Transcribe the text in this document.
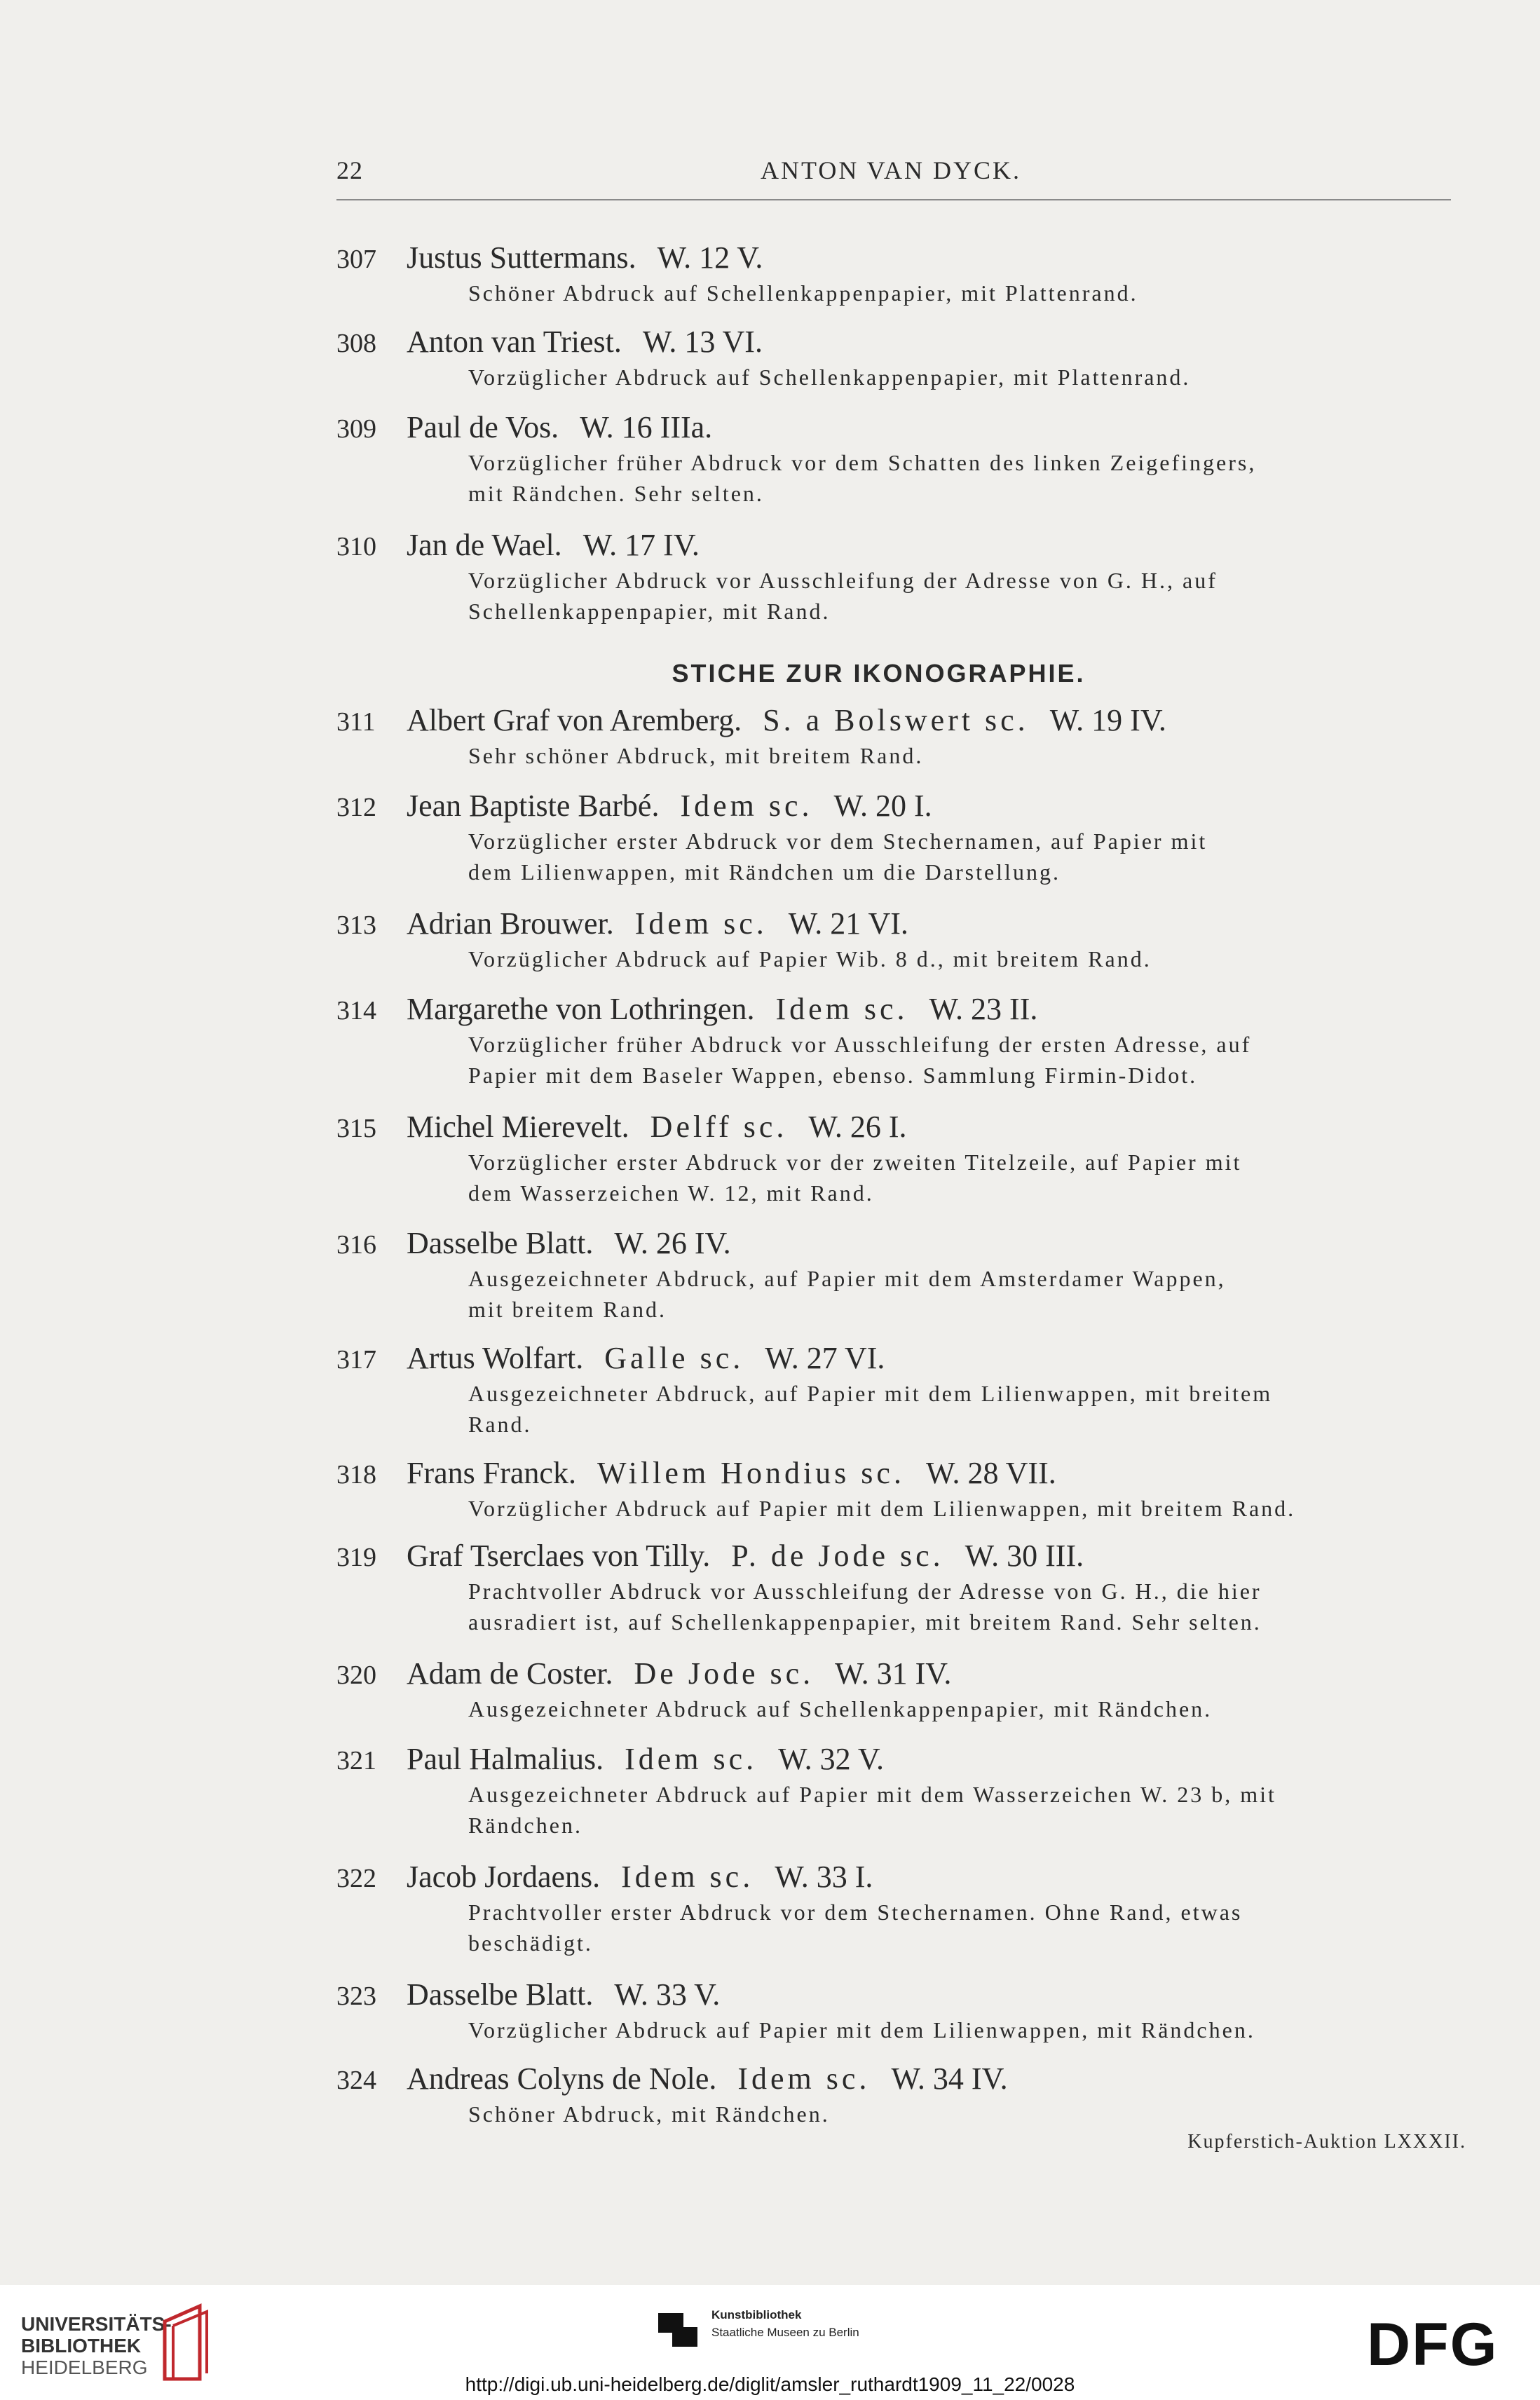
22	ANTON VAN DYCK.
STICHE ZUR IKONOGRAPHIE.
307 Justus Suttermans. W. 12 V.
Schöner Abdruck auf Schellenkappenpapier, mit Plattenrand.
308 Anton van Triest. W. 13 VI.
Vorzüglicher Abdruck auf Schellenkappenpapier, mit Plattenrand.
309 Paul de Vos. W. 16 IIIa.
Vorzüglicher früher Abdruck vor dem Schatten des linken Zeigefingers,
mit Rändchen. Sehr selten.
310 Jan de Wael. W. 17 IV.
Vorzüglicher Abdruck vor Ausschleifung der Adresse von G. H., auf
Schellenkappenpapier, mit Rand.
311	Albert Graf von Aremberg. S. a Bolswert sc. W. 19 IV.
Sehr schöner Abdruck, mit breitem Rand.
312 Jean Baptiste Barbé. Idem sc. W. 20 I.
Vorzüglicher erster Abdruck vor dem Stechernamen, auf Papier mit
dem Lilienwappen, mit Rändchen um die Darstellung.
313 Adrian Brouwer. Idem sc. W. 21 VI.
Vorzüglicher Abdruck auf Papier Wib. 8 d., mit breitem Rand.
314 Margarethe von Lothringen. Idem sc. W. 23 II.
Vorzüglicher früher Abdruck vor Ausschleifung der ersten Adresse, auf
Papier mit dem Baseler Wappen, ebenso. Sammlung Firmin-Didot.
315 Michel Mierevelt. Delff sc. W. 26 I.
Vorzüglicher erster Abdruck vor der zweiten Titelzeile, auf Papier mit
dem Wasserzeichen W. 12, mit Rand.
316 Dasselbe Blatt. W. 26 IV.
Ausgezeichneter Abdruck, auf Papier mit dem Amsterdamer Wappen,
mit breitem Rand.
317 Artus Wolfart. Galle sc. W. 27 VI.
Ausgezeichneter Abdruck, auf Papier mit dem Lilienwappen, mit breitem
Rand.
318 Frans Franck. Willem Hondius sc. W. 28 VII.
Vorzüglicher Abdruck auf Papier mit dem Lilienwappen, mit breitem Rand.
319 Graf Tserclaes von Tilly. P. de Jode sc. W. 30 III.
Prachtvoller Abdruck vor Ausschleifung der Adresse von G. H., die hier
ausradiert ist, auf Schellenkappenpapier, mit breitem Rand. Sehr selten.
320 Adam de Coster. De Jode sc. W. 31 IV.
Ausgezeichneter Abdruck auf Schellenkappenpapier, mit Rändchen.
321 Paul Halmalius. Idem sc. W. 32 V.
Ausgezeichneter Abdruck auf Papier mit dem Wasserzeichen W. 23 b, mit
Rändchen.
322 Jacob Jordaens. Idem sc. W. 33 I.
Prachtvoller erster Abdruck vor dem Stechernamen. Ohne Rand, etwas
beschädigt.
323 Dasselbe Blatt. W. 33 V.
Vorzüglicher Abdruck auf Papier mit dem Lilienwappen, mit Rändchen.
324 Andreas Colyns de Nole. Idem sc. W. 34 IV.
Schöner Abdruck, mit Rändchen.
Kupferstich-Auktion LXXXII.
UNIVERSITÄTS-
BIBLIOTHEK
HEIDELBERG
Kunstbibliothek
Staatliche Museen zu Berlin	DFG
http://digi.ub.uni-heidelberg.de/diglit/amsler_ruthardt1909_11_22/0028
